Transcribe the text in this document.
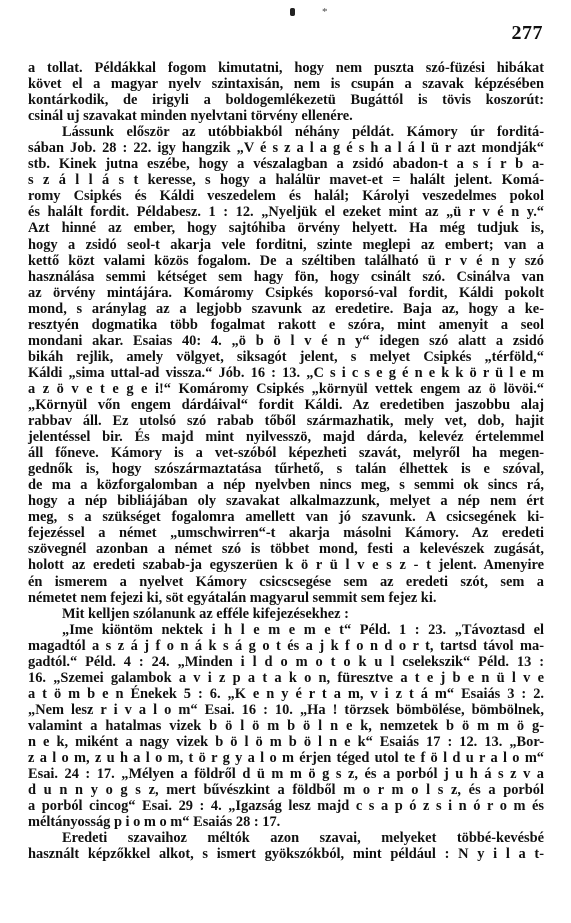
*
277
a tollat. Példákkal fogom kimutatni, hogy nem puszta szó-füzési hibákat
követ el a magyar nyelv szintaxisán, nem is csupán a szavak képzésében
kontárkodik, de irigyli a boldogemlékezetü Bugáttól is tövis koszorút:
csinál uj szavakat minden nyelvtani törvény ellenére.
Lássunk először az utóbbiakból néhány példát. Kámory úr forditá-
sában Job. 28 : 22. igy hangzik „V é s z a l a g é s h a l á l ü r azt mondják“
stb. Kinek jutna eszébe, hogy a vészalagban a zsidó abadon-t a s í r b a-
s z á l l á s t keresse, s hogy a halálür mavet-et = halált jelent. Komá-
romy Csipkés és Káldi veszedelem és halál; Károlyi veszedelmes pokol
és halált fordit. Példabesz. 1 : 12. „Nyeljük el ezeket mint az „ü r v é n y.“
Azt hinné az ember, hogy sajtóhiba örvény helyett. Ha még tudjuk is,
hogy a zsidó seol-t akarja vele forditni, szinte meglepi az embert; van a
kettő közt valami közös fogalom. De a széltiben található ü r v é n y szó
használása semmi kétséget sem hagy fön, hogy csinált szó. Csinálva van
az örvény mintájára. Komáromy Csipkés koporsó-val fordit, Káldi pokolt
mond, s aránylag az a legjobb szavunk az eredetire. Baja az, hogy a ke-
resztyén dogmatika több fogalmat rakott e szóra, mint amenyit a seol
mondani akar. Esaias 40: 4. „ö b ö l v é n y“ idegen szó alatt a zsidó
bikáh rejlik, amely völgyet, siksagót jelent, s melyet Csipkés „térföld,“
Káldi „sima uttal-ad vissza.“ Jób. 16 : 13. „C s i c s e g é n e k k ö r ü l e m
a z ö v e t e g e i!“ Komáromy Csipkés „környül vettek engem az ö lövöi.“
„Környül vőn engem dárdáival“ fordit Káldi. Az eredetiben jaszobbu alaj
rabbav áll. Ez utolsó szó rabab tőből származhatik, mely vet, dob, hajit
jelentéssel bir. És majd mint nyilvesszö, majd dárda, kelevéz értelemmel
áll főneve. Kámory is a vet-szóból képezheti szavát, melyről ha megen-
gednők is, hogy szószármaztatása tűrhető, s talán élhettek is e szóval,
de ma a közforgalomban a nép nyelvben nincs meg, s semmi ok sincs rá,
hogy a nép bibliájában oly szavakat alkalmazzunk, melyet a nép nem ért
meg, s a szükséget fogalomra amellett van jó szavunk. A csicsegének ki-
fejezéssel a német „umschwirren“-t akarja másolni Kámory. Az eredeti
szövegnél azonban a német szó is többet mond, festi a kelevészek zugását,
holott az eredeti szabab-ja egyszerüen k ö r ü l v e s z - t jelent. Amenyire
én ismerem a nyelvet Kámory csicscsegése sem az eredeti szót, sem a
németet nem fejezi ki, söt egyátalán magyarul semmit sem fejez ki.
Mit kelljen szólanunk az efféle kifejezésekhez :
„Ime kiöntöm nektek i h l e m e m e t“ Péld. 1 : 23. „Távoztasd el
magadtól a s z á j f o n á k s á g o t és a j k f o n d o r t, tartsd távol ma-
gadtól.“ Péld. 4 : 24. „Minden i l d o m o t o k u l cselekszik“ Péld. 13 :
16. „Szemei galambok a v i z p a t a k o n, füresztve a t e j b e n ü l v e
a t ö m b e n Énekek 5 : 6. „K e n y é r t a m, v i z t á m“ Esaiás 3 : 2.
„Nem lesz r i v a l o m“ Esai. 16 : 10. „Ha ! törzsek bömbölése, bömbölnek,
valamint a hatalmas vizek b ö l ö m b ö l n e k, nemzetek b ö m m ö g-
n e k, miként a nagy vizek b ö l ö m b ö l n e k“ Esaiás 17 : 12. 13. „Bor-
z a l o m, z u h a l o m, t ö r g y a l o m érjen téged utol te f ö l d u r a l o m“
Esai. 24 : 17. „Mélyen a földről d ü m m ö g s z, és a porból j u h á s z v a
d u n n y o g s z, mert bűvészkint a földből m o r m o l s z, és a porból
a porból cincog“ Esai. 29 : 4. „Igazság lesz majd c s a p ó z s i n ó r o m és
méltányosság p i o m o m“ Esaiás 28 : 17.
Eredeti szavaihoz méltók azon szavai, melyeket többé-kevésbé
használt képzőkkel alkot, s ismert gyökszókból, mint például : N y i l a t-
